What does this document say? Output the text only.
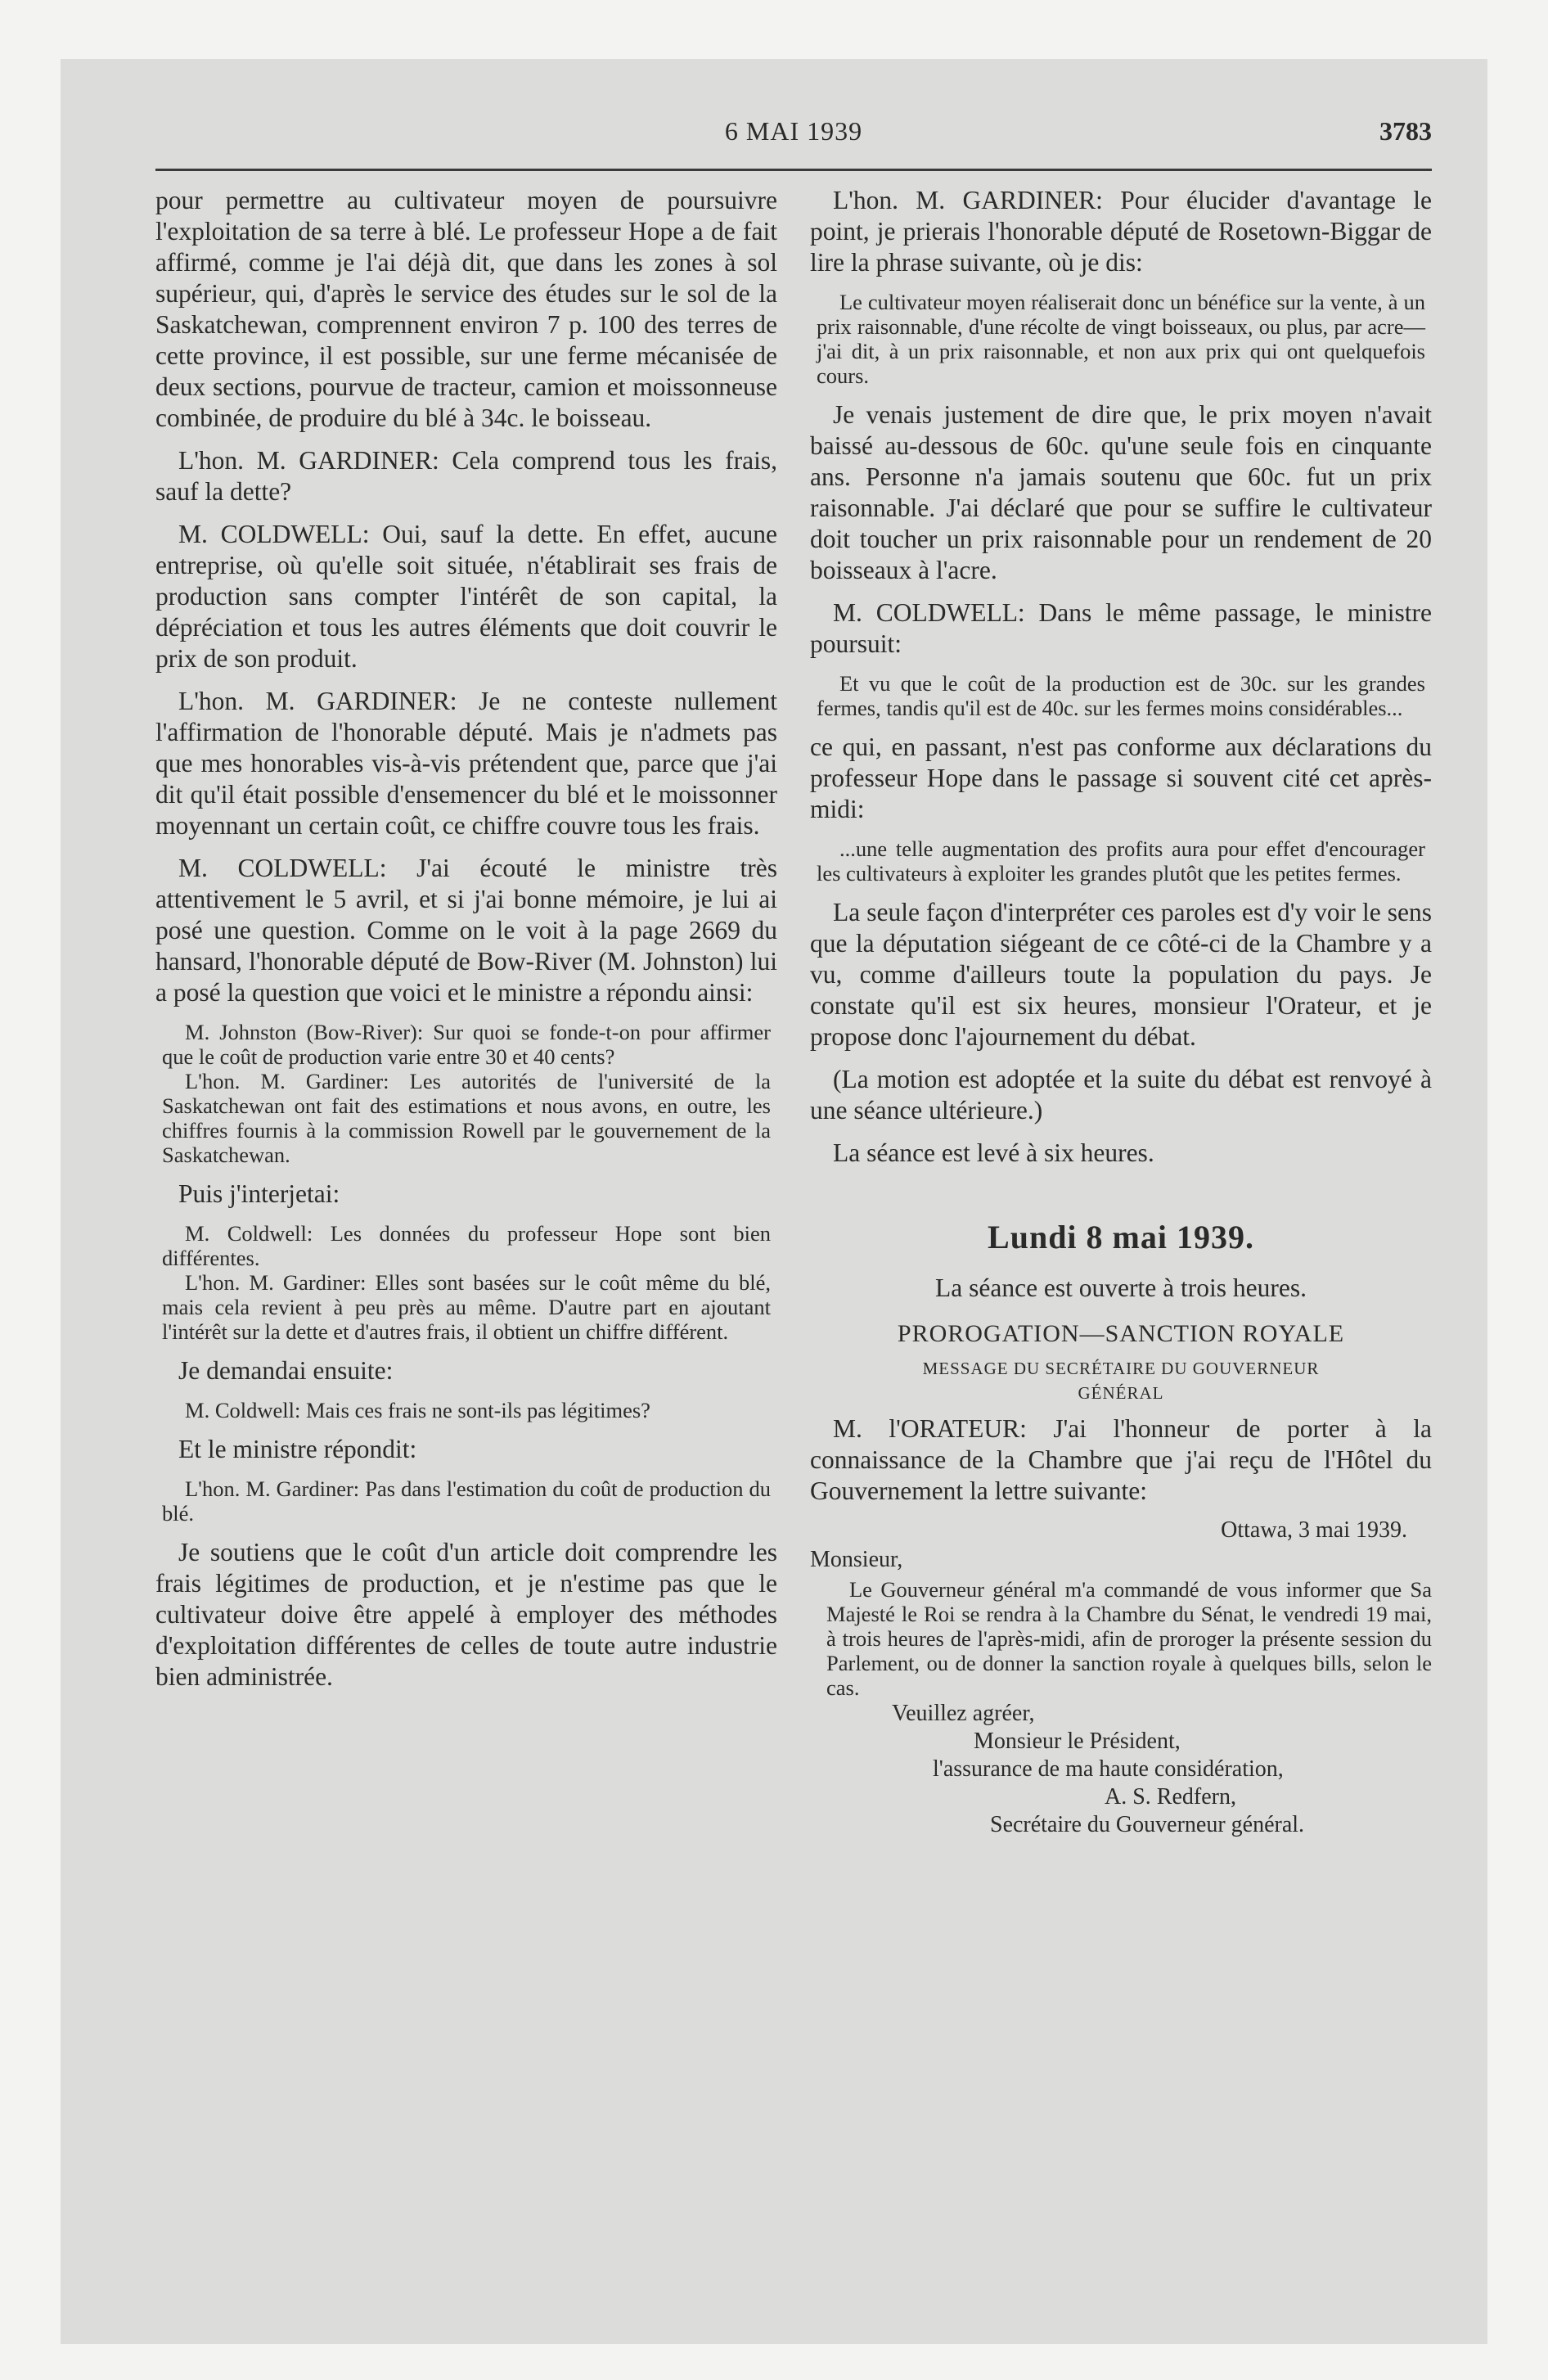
6 MAI 1939	3783

pour permettre au cultivateur moyen de poursuivre l'exploitation de sa terre à blé. Le professeur Hope a de fait affirmé, comme je l'ai déjà dit, que dans les zones à sol supérieur, qui, d'après le service des études sur le sol de la Saskatchewan, comprennent environ 7 p. 100 des terres de cette province, il est possible, sur une ferme mécanisée de deux sections, pourvue de tracteur, camion et moissonneuse combinée, de produire du blé à 34c. le boisseau.

L'hon. M. GARDINER: Cela comprend tous les frais, sauf la dette?

M. COLDWELL: Oui, sauf la dette. En effet, aucune entreprise, où qu'elle soit située, n'établirait ses frais de production sans compter l'intérêt de son capital, la dépréciation et tous les autres éléments que doit couvrir le prix de son produit.

L'hon. M. GARDINER: Je ne conteste nullement l'affirmation de l'honorable député. Mais je n'admets pas que mes honorables vis-à-vis prétendent que, parce que j'ai dit qu'il était possible d'ensemencer du blé et le moissonner moyennant un certain coût, ce chiffre couvre tous les frais.

M. COLDWELL: J'ai écouté le ministre très attentivement le 5 avril, et si j'ai bonne mémoire, je lui ai posé une question. Comme on le voit à la page 2669 du hansard, l'honorable député de Bow-River (M. Johnston) lui a posé la question que voici et le ministre a répondu ainsi:

M. Johnston (Bow-River): Sur quoi se fonde-t-on pour affirmer que le coût de production varie entre 30 et 40 cents?

L'hon. M. Gardiner: Les autorités de l'université de la Saskatchewan ont fait des estimations et nous avons, en outre, les chiffres fournis à la commission Rowell par le gouvernement de la Saskatchewan.

Puis j'interjetai:

M. Coldwell: Les données du professeur Hope sont bien différentes.

L'hon. M. Gardiner: Elles sont basées sur le coût même du blé, mais cela revient à peu près au même. D'autre part en ajoutant l'intérêt sur la dette et d'autres frais, il obtient un chiffre différent.

Je demandai ensuite:

M. Coldwell: Mais ces frais ne sont-ils pas légitimes?

Et le ministre répondit:

L'hon. M. Gardiner: Pas dans l'estimation du coût de production du blé.

Je soutiens que le coût d'un article doit comprendre les frais légitimes de production, et je n'estime pas que le cultivateur doive être appelé à employer des méthodes d'exploitation différentes de celles de toute autre industrie bien administrée.

L'hon. M. GARDINER: Pour élucider d'avantage le point, je prierais l'honorable député de Rosetown-Biggar de lire la phrase suivante, où je dis:

Le cultivateur moyen réaliserait donc un bénéfice sur la vente, à un prix raisonnable, d'une récolte de vingt boisseaux, ou plus, par acre—j'ai dit, à un prix raisonnable, et non aux prix qui ont quelquefois cours.

Je venais justement de dire que, le prix moyen n'avait baissé au-dessous de 60c. qu'une seule fois en cinquante ans. Personne n'a jamais soutenu que 60c. fut un prix raisonnable. J'ai déclaré que pour se suffire le cultivateur doit toucher un prix raisonnable pour un rendement de 20 boisseaux à l'acre.

M. COLDWELL: Dans le même passage, le ministre poursuit:

Et vu que le coût de la production est de 30c. sur les grandes fermes, tandis qu'il est de 40c. sur les fermes moins considérables...

ce qui, en passant, n'est pas conforme aux déclarations du professeur Hope dans le passage si souvent cité cet après-midi:

...une telle augmentation des profits aura pour effet d'encourager les cultivateurs à exploiter les grandes plutôt que les petites fermes.

La seule façon d'interpréter ces paroles est d'y voir le sens que la députation siégeant de ce côté-ci de la Chambre y a vu, comme d'ailleurs toute la population du pays. Je constate qu'il est six heures, monsieur l'Orateur, et je propose donc l'ajournement du débat.

(La motion est adoptée et la suite du débat est renvoyé à une séance ultérieure.)

La séance est levé à six heures.

Lundi 8 mai 1939.
La séance est ouverte à trois heures.
PROROGATION—SANCTION ROYALE
MESSAGE DU SECRÉTAIRE DU GOUVERNEUR
GÉNÉRAL

M. l'ORATEUR: J'ai l'honneur de porter à la connaissance de la Chambre que j'ai reçu de l'Hôtel du Gouvernement la lettre suivante:

Ottawa, 3 mai 1939.
Monsieur,

Le Gouverneur général m'a commandé de vous informer que Sa Majesté le Roi se rendra à la Chambre du Sénat, le vendredi 19 mai, à trois heures de l'après-midi, afin de proroger la présente session du Parlement, ou de donner la sanction royale à quelques bills, selon le cas.

Veuillez agréer,
Monsieur le Président,
l'assurance de ma haute considération,
A. S. Redfern,
Secrétaire du Gouverneur général.
